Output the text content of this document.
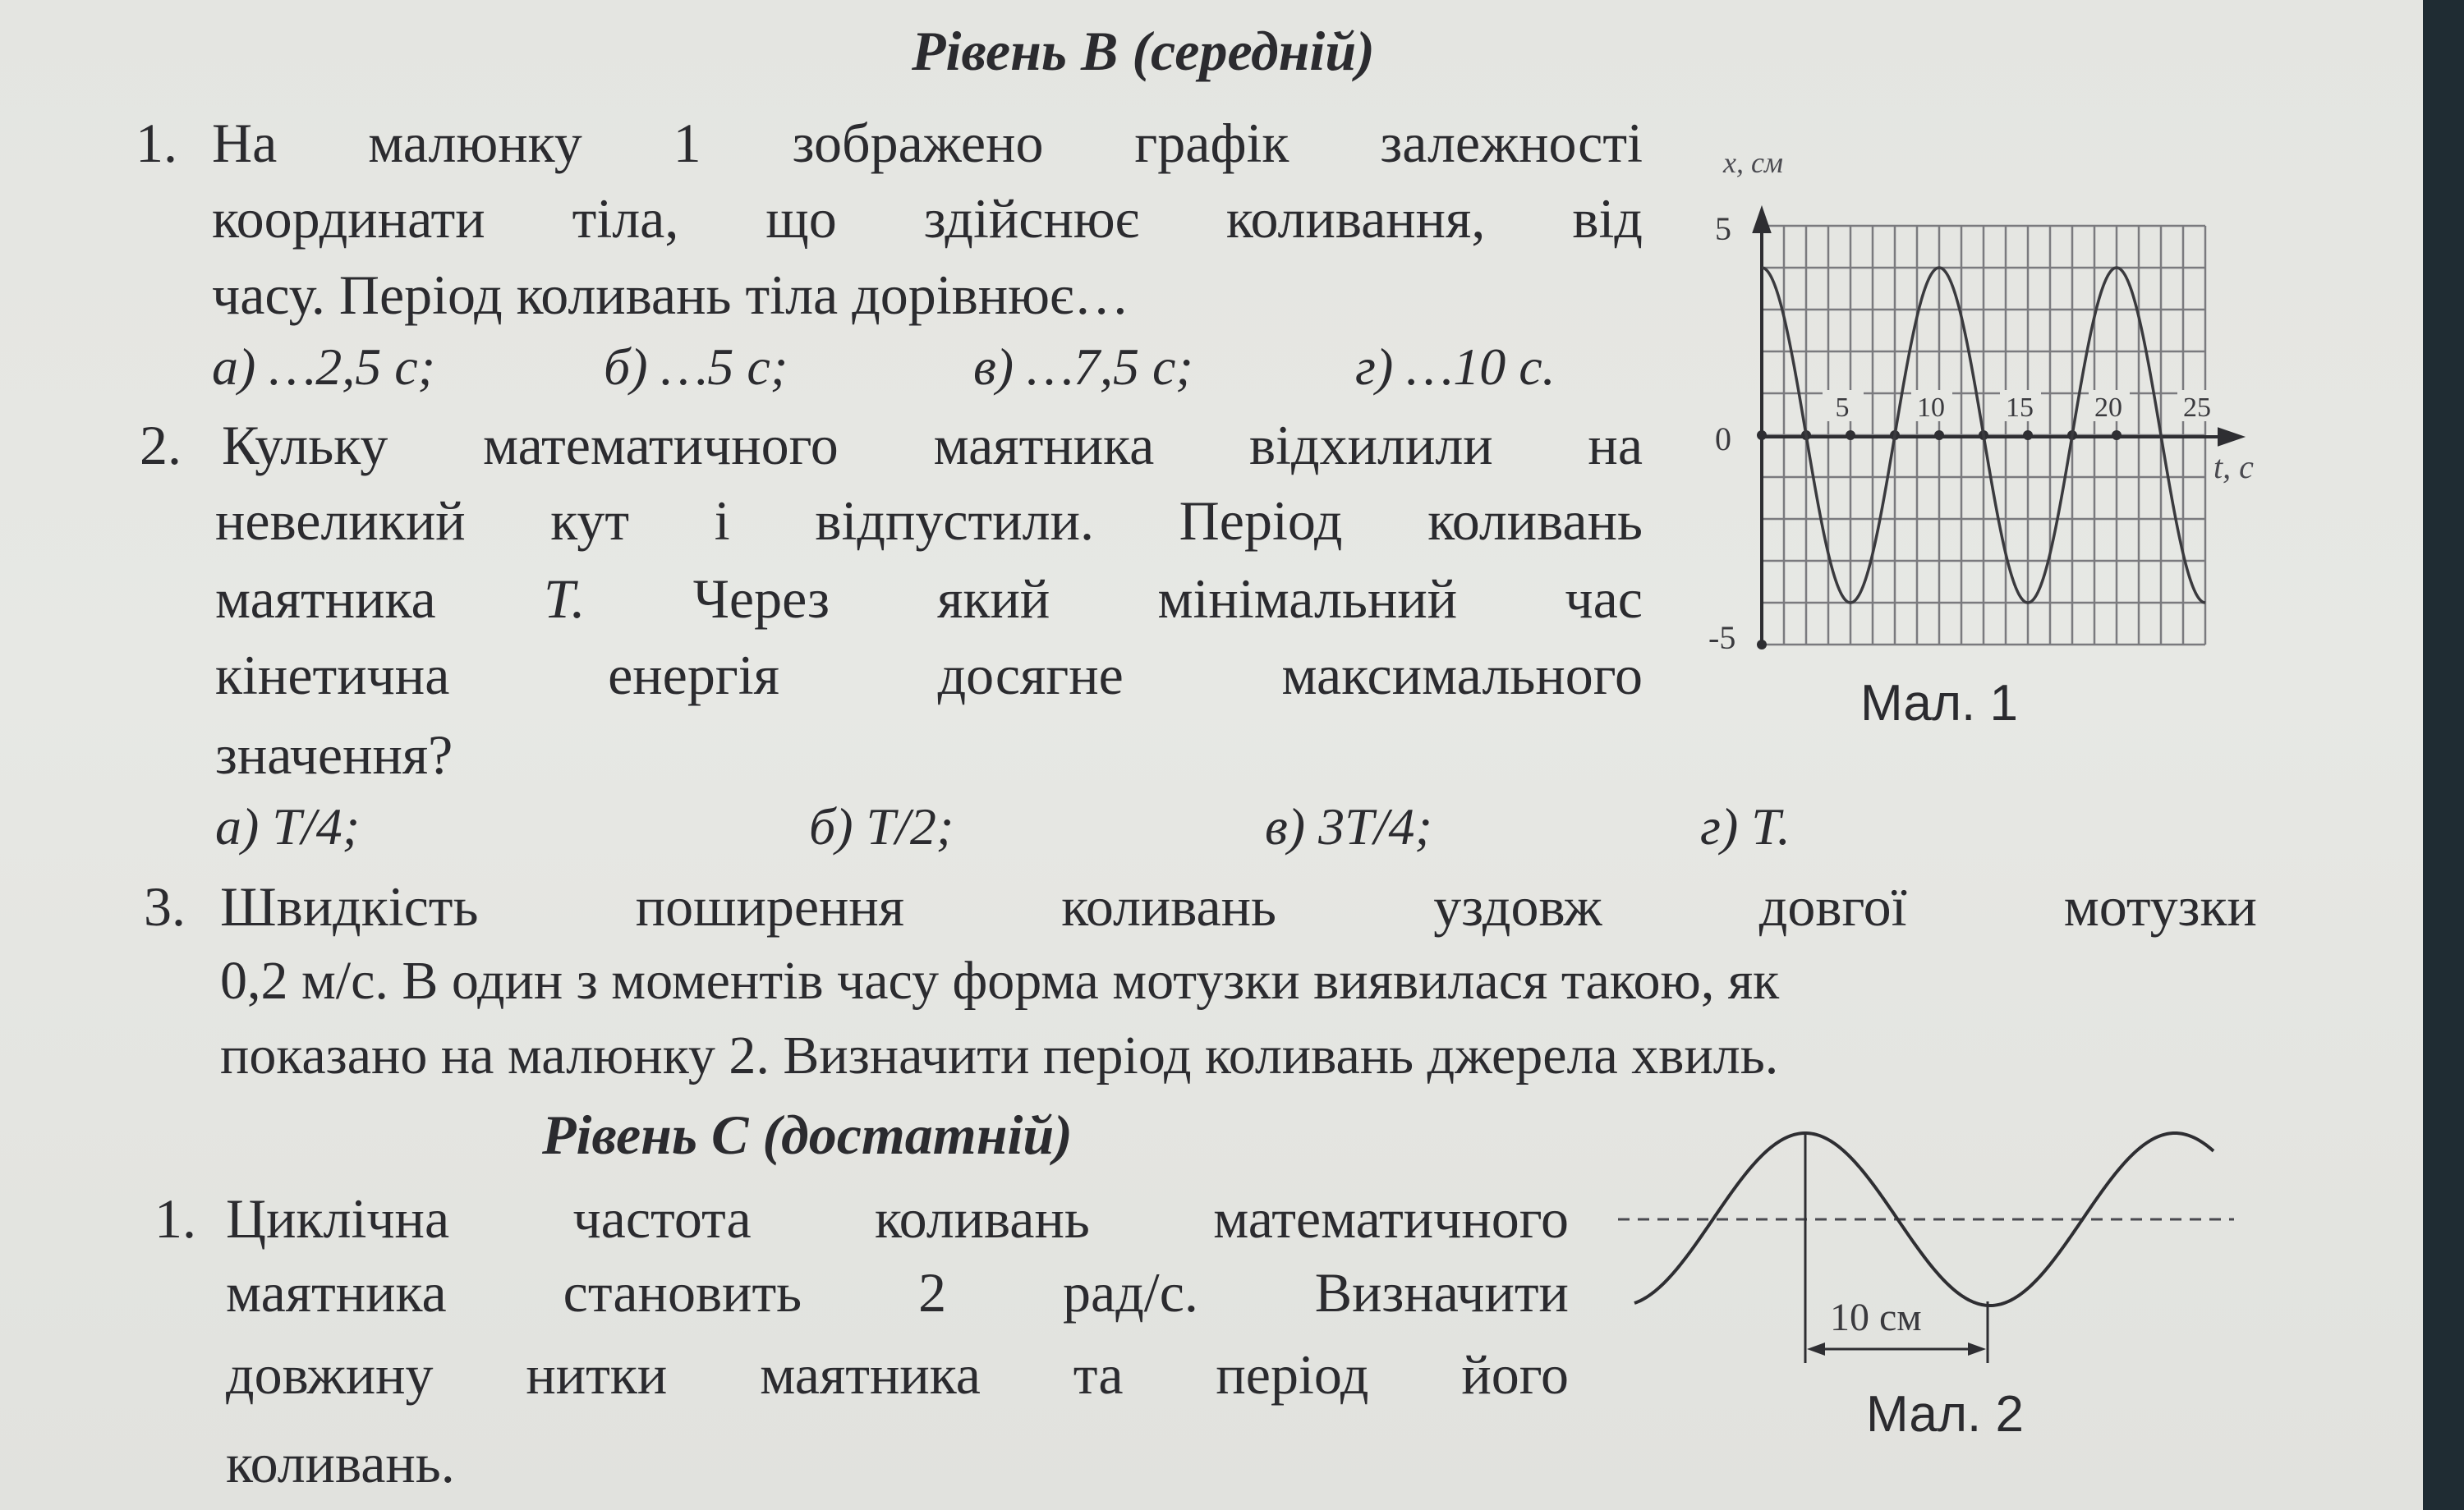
Рівень В (середній)
1. На малюнку 1 зображено графік залежності
координати тіла, що здійснює коливання, від
часу. Період коливань тіла дорівнює…
а) …2,5 с;	б) …5 с;	в) …7,5 с;	г) …10 с.
2. Кульку математичного маятника відхилили на
невеликий кут і відпустили. Період коливань
маятника Т. Через який мінімальний час
кінетична	енергія	досягне	максимального
значення?
а) Т/4;	б) Т/2;	в) 3Т/4;	г) Т.
3. Швидкість	поширення	коливань	уздовж	довгої	мотузки
0,2 м/с. В один з моментів часу форма мотузки виявилася такою, як
показано на малюнку 2. Визначити період коливань джерела хвиль.
Рівень С (достатній)
1. Циклічна частота коливань математичного
маятника становить 2 рад/с. Визначити
довжину нитки маятника та період його
коливань.
5 10 15 20 25
x, см
t, с
5
0
-5
Мал. 1
10 см
Мал. 2
